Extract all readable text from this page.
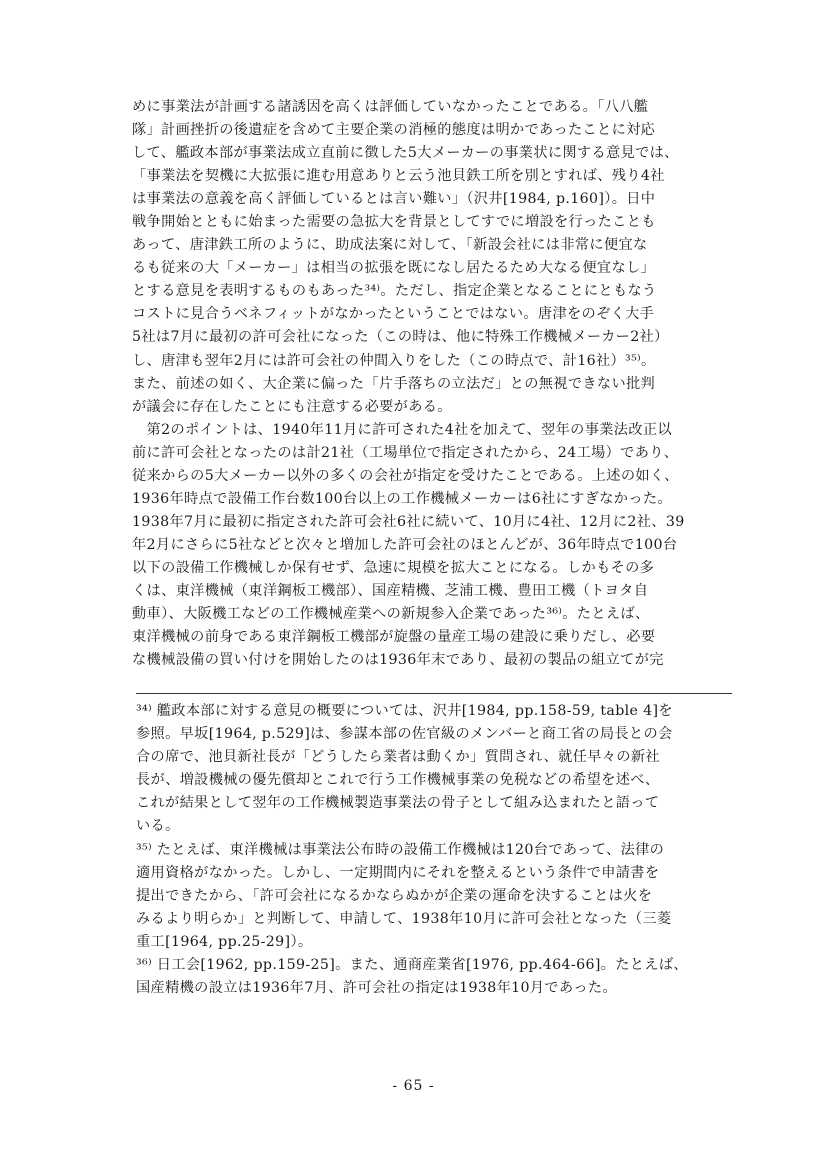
めに事業法が計画する諸誘因を高くは評価していなかったことである。「八八艦
隊」計画挫折の後遺症を含めて主要企業の消極的態度は明かであったことに対応
して、艦政本部が事業法成立直前に徴した5大メーカーの事業状に関する意見では、
「事業法を契機に大拡張に進む用意ありと云う池貝鉄工所を別とすれば、残り4社
は事業法の意義を高く評価しているとは言い難い」（沢井[1984, p.160]）。日中
戦争開始とともに始まった需要の急拡大を背景としてすでに増設を行ったことも
あって、唐津鉄工所のように、助成法案に対して、「新設会社には非常に便宜な
るも従来の大「メーカー」は相当の拡張を既になし居たるため大なる便宜なし」
とする意見を表明するものもあった³⁴⁾。ただし、指定企業となることにともなう
コストに見合うベネフィットがなかったということではない。唐津をのぞく大手
5社は7月に最初の許可会社になった（この時は、他に特殊工作機械メーカー2社）
し、唐津も翌年2月には許可会社の仲間入りをした（この時点で、計16社）³⁵⁾。
また、前述の如く、大企業に偏った「片手落ちの立法だ」との無視できない批判
が議会に存在したことにも注意する必要がある。
　第2のポイントは、1940年11月に許可された4社を加えて、翌年の事業法改正以
前に許可会社となったのは計21社（工場単位で指定されたから、24工場）であり、
従来からの5大メーカー以外の多くの会社が指定を受けたことである。上述の如く、
1936年時点で設備工作台数100台以上の工作機械メーカーは6社にすぎなかった。
1938年7月に最初に指定された許可会社6社に続いて、10月に4社、12月に2社、39
年2月にさらに5社などと次々と増加した許可会社のほとんどが、36年時点で100台
以下の設備工作機械しか保有せず、急速に規模を拡大ことになる。しかもその多
くは、東洋機械（東洋鋼板工機部）、国産精機、芝浦工機、豊田工機（トヨタ自
動車）、大阪機工などの工作機械産業への新規参入企業であった³⁶⁾。たとえば、
東洋機械の前身である東洋鋼板工機部が旋盤の量産工場の建設に乗りだし、必要
な機械設備の買い付けを開始したのは1936年末であり、最初の製品の組立てが完
³⁴⁾ 艦政本部に対する意見の概要については、沢井[1984, pp.158-59, table 4]を
参照。早坂[1964, p.529]は、参謀本部の佐官級のメンバーと商工省の局長との会
合の席で、池貝新社長が「どうしたら業者は動くか」質問され、就任早々の新社
長が、増設機械の優先償却とこれで行う工作機械事業の免税などの希望を述べ、
これが結果として翌年の工作機械製造事業法の骨子として組み込まれたと語って
いる。
³⁵⁾ たとえば、東洋機械は事業法公布時の設備工作機械は120台であって、法律の
適用資格がなかった。しかし、一定期間内にそれを整えるという条件で申請書を
提出できたから、「許可会社になるかならぬかが企業の運命を決することは火を
みるより明らか」と判断して、申請して、1938年10月に許可会社となった（三菱
重工[1964, pp.25-29]）。
³⁶⁾ 日工会[1962, pp.159-25]。また、通商産業省[1976, pp.464-66]。たとえば、
国産精機の設立は1936年7月、許可会社の指定は1938年10月であった。
- 65 -
